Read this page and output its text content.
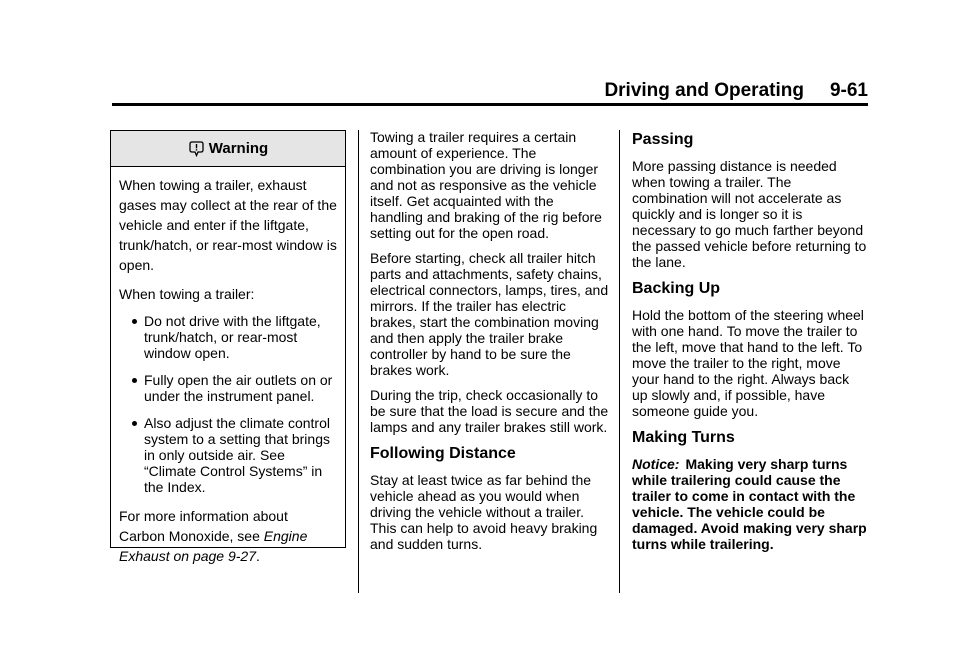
Driving and Operating 9-61
Warning

When towing a trailer, exhaust gases may collect at the rear of the vehicle and enter if the liftgate, trunk/hatch, or rear-most window is open.

When towing a trailer:

Do not drive with the liftgate, trunk/hatch, or rear-most window open.
Fully open the air outlets on or under the instrument panel.
Also adjust the climate control system to a setting that brings in only outside air. See “Climate Control Systems” in the Index.

For more information about Carbon Monoxide, see Engine Exhaust on page 9-27.

Towing a trailer requires a certain amount of experience. The combination you are driving is longer and not as responsive as the vehicle itself. Get acquainted with the handling and braking of the rig before setting out for the open road.

Before starting, check all trailer hitch parts and attachments, safety chains, electrical connectors, lamps, tires, and mirrors. If the trailer has electric brakes, start the combination moving and then apply the trailer brake controller by hand to be sure the brakes work.

During the trip, check occasionally to be sure that the load is secure and the lamps and any trailer brakes still work.

Following Distance

Stay at least twice as far behind the vehicle ahead as you would when driving the vehicle without a trailer. This can help to avoid heavy braking and sudden turns.

Passing

More passing distance is needed when towing a trailer. The combination will not accelerate as quickly and is longer so it is necessary to go much farther beyond the passed vehicle before returning to the lane.

Backing Up

Hold the bottom of the steering wheel with one hand. To move the trailer to the left, move that hand to the left. To move the trailer to the right, move your hand to the right. Always back up slowly and, if possible, have someone guide you.

Making Turns

Notice: Making very sharp turns while trailering could cause the trailer to come in contact with the vehicle. The vehicle could be damaged. Avoid making very sharp turns while trailering.
